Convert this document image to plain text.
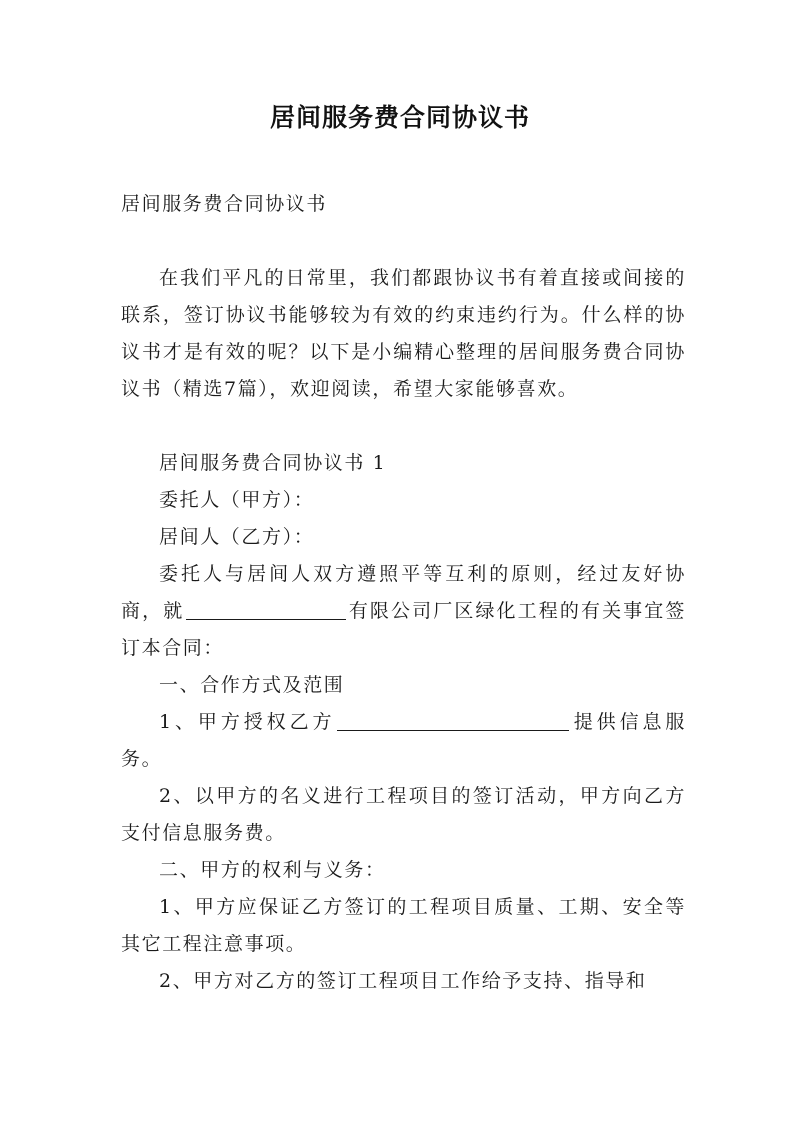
居间服务费合同协议书

居间服务费合同协议书

在我们平凡的日常里，我们都跟协议书有着直接或间接的联系，签订协议书能够较为有效的约束违约行为。什么样的协议书才是有效的呢？以下是小编精心整理的居间服务费合同协议书（精选7篇），欢迎阅读，希望大家能够喜欢。

居间服务费合同协议书 1

委托人（甲方）：

居间人（乙方）：

委托人与居间人双方遵照平等互利的原则，经过友好协商，就	有限公司厂区绿化工程的有关事宜签订本合同：

一、合作方式及范围

1、甲方授权乙方	提供信息服务。

2、以甲方的名义进行工程项目的签订活动，甲方向乙方支付信息服务费。

二、甲方的权利与义务：

1、甲方应保证乙方签订的工程项目质量、工期、安全等其它工程注意事项。

2、甲方对乙方的签订工程项目工作给予支持、指导和
